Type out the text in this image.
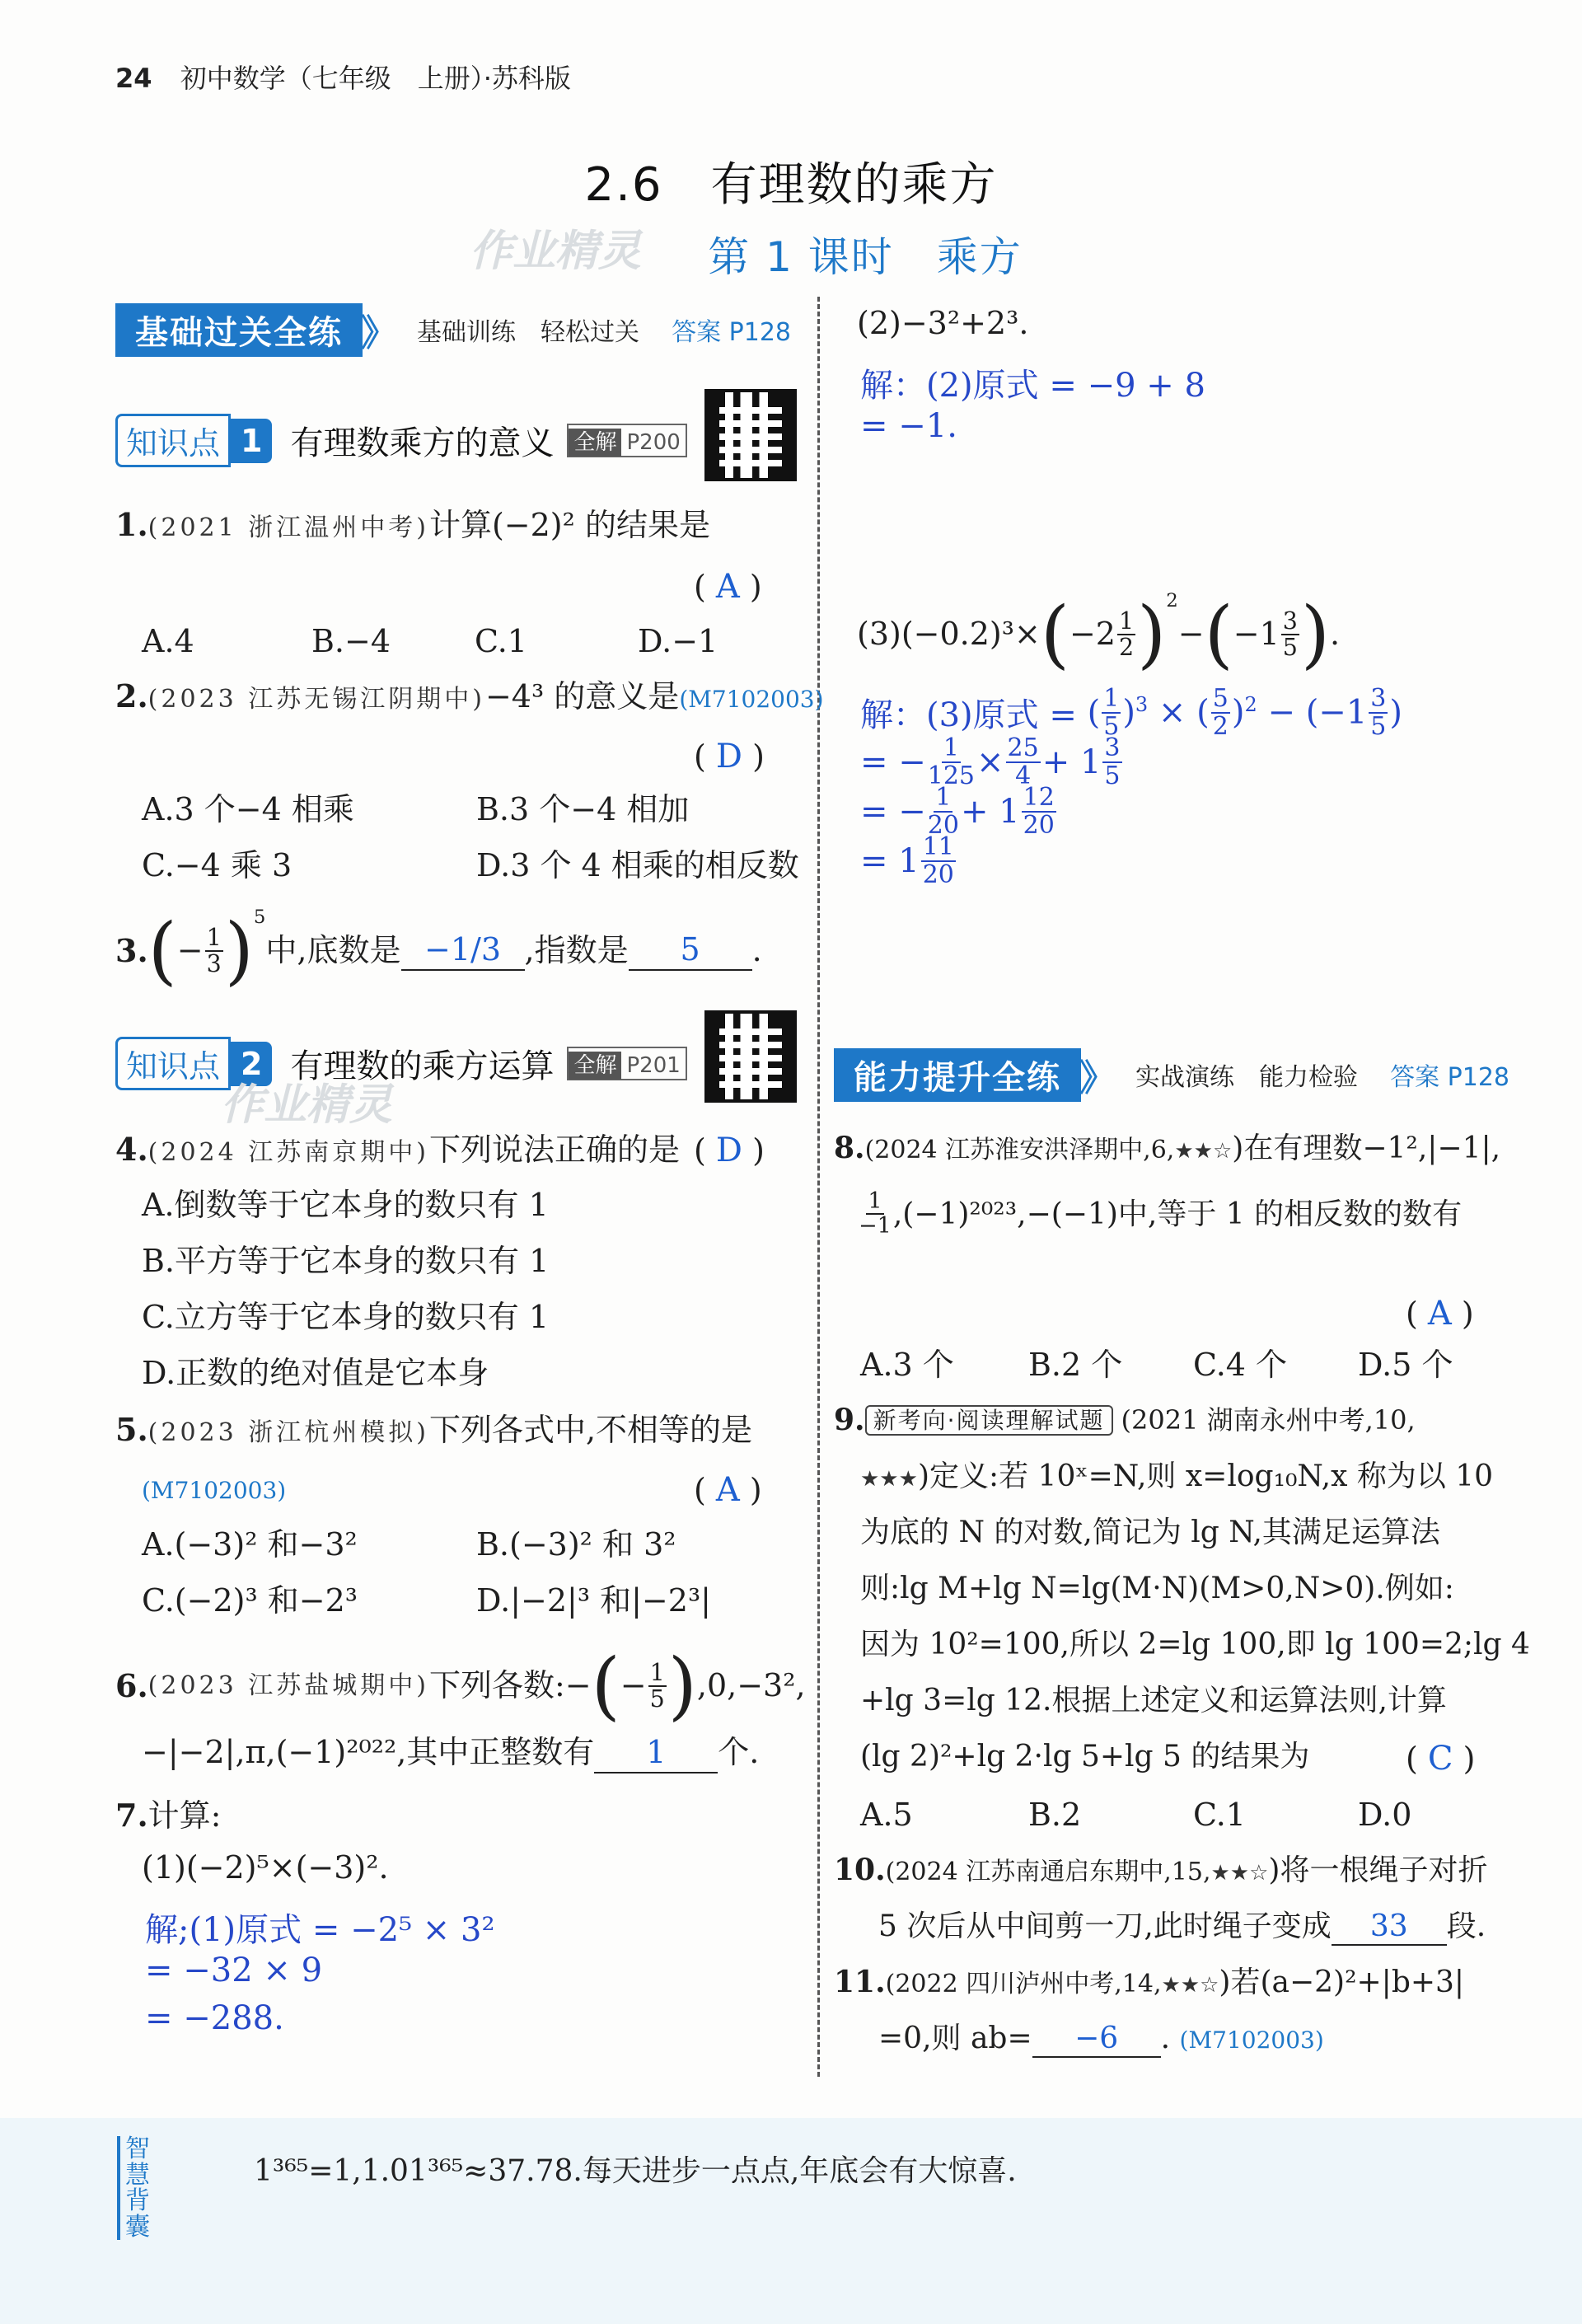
24 初中数学（七年级　上册）·苏科版
2.6　有理数的乘方
作业精灵	第 1 课时　乘方
基础过关全练 》	基础训练　轻松过关 答案 P128
知识点 1 有理数乘方的意义 全解 P200
1.(2021 浙江温州中考)计算(−2)² 的结果是
( A )
A.4	B.−4	C.1	D.−1
2.(2023 江苏无锡江阴期中)−4³ 的意义是(M7102003)
( D )
A.3 个−4 相乘	B.3 个−4 相加
C.−4 乘 3	D.3 个 4 相乘的相反数
3. ( − $\frac{1}{3} )^5$
中,底数是 −1/3 ,指数是	5	.
知识点 2 有理数的乘方运算 全解 P201
作业精灵
4.(2024 江苏南京期中)下列说法正确的是 ( D )
A.倒数等于它本身的数只有 1
B.平方等于它本身的数只有 1
C.立方等于它本身的数只有 1
D.正数的绝对值是它本身
5.(2023 浙江杭州模拟)下列各式中,不相等的是
(M7102003)	( A )
A.(−3)² 和−3²	B.(−3)² 和 3²
C.(−2)³ 和−2³	D.|−2|³ 和|−2³|
6. (2023 江苏盐城期中) 下列各数: − ( − $\frac{1}{5}$ ) ,0,−3²,
−|−2|,π,(−1)²⁰²²,其中正整数有 1 个.
7.计算:
(1)(−2)⁵×(−3)².
解;(1)原式 = −2⁵ × 3²
= −32 × 9
= −288.
(2)−3²+2³.
解：(2)原式 = −9 + 8
= −1.
(3)(−0.2)³× ( $-2 \frac{1}{2} )^2$
− ( $-1 \frac{3}{5}$ ) .
解：(3)原式 = ( $\frac{1}{5} )^3$ × ( $\frac{5}{2} )^2 - (-1 \frac{3}{5}$ )
= − $\frac{1}{125} \times \frac{25}{4} + 1 \frac{3}{5}$
= − $\frac{1}{20} + 1 \frac{12}{20}$
= $1 \frac{11}{20}$
能力提升全练 》	实战演练　能力检验 答案 P128
8.(2024 江苏淮安洪泽期中,6,★★☆)在有理数−1²,|−1|,
$\frac{1}{-1} ,(-1)^{2023},-(-1)$中,等于 1 的相反数的数有
( A )
A.3 个	B.2 个	C.4 个	D.5 个
9. 新考向·阅读理解试题 (2021 湖南永州中考,10,
★★★)定义:若 10ˣ=N,则 x=log₁₀N,x 称为以 10
为底的 N 的对数,简记为 lg N,其满足运算法
则:lg M+lg N=lg(M·N)(M>0,N>0).例如:
因为 10²=100,所以 2=lg 100,即 lg 100=2;lg 4
+lg 3=lg 12.根据上述定义和运算法则,计算
(lg 2)²+lg 2·lg 5+lg 5 的结果为	( C )
A.5	B.2	C.1	D.0
10.(2024 江苏南通启东期中,15,★★☆)将一根绳子对折
5 次后从中间剪一刀,此时绳子变成 33 段.
11.(2022 四川泸州中考,14,★★☆)若(a−2)²+|b+3|
=0,则 ab= −6 . (M7102003)
智慧背囊
1³⁶⁵=1,1.01³⁶⁵≈37.78.每天进步一点点,年底会有大惊喜.
